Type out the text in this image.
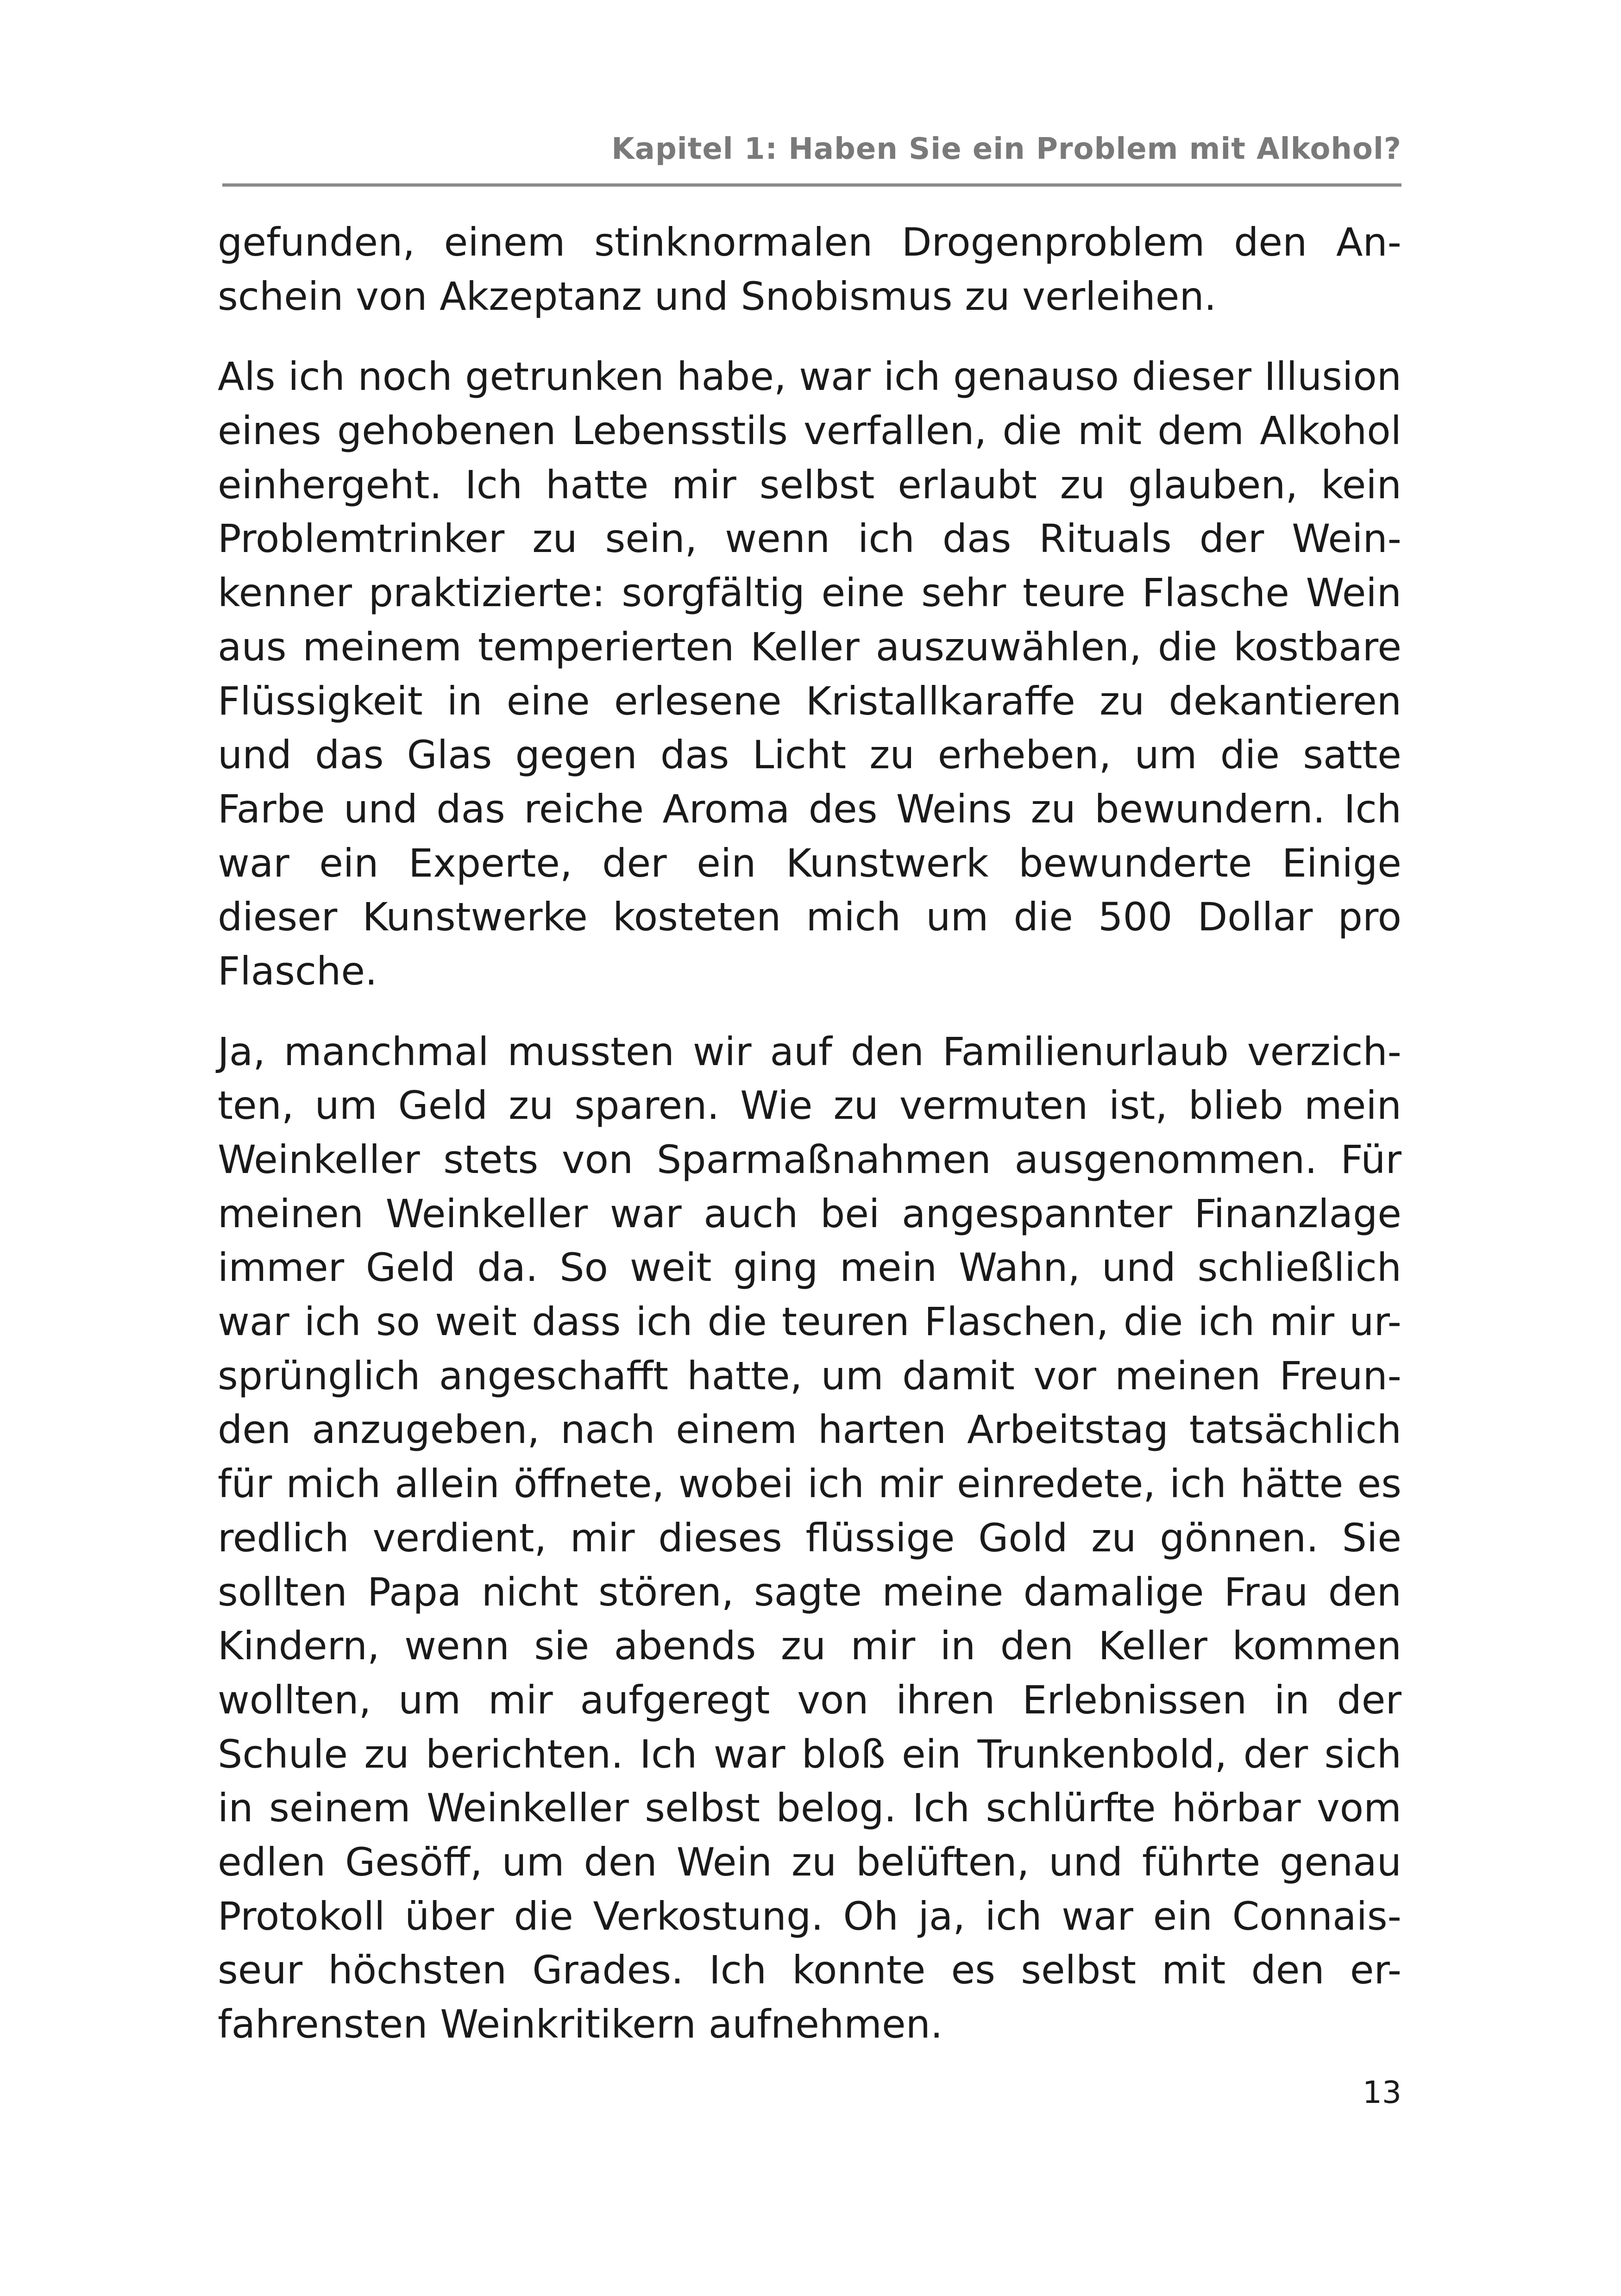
Kapitel 1: Haben Sie ein Problem mit Alkohol?
gefunden, einem stinknormalen Drogenproblem den An-
schein von Akzeptanz und Snobismus zu verleihen.
Als ich noch getrunken habe, war ich genauso dieser Illusion
eines gehobenen Lebensstils verfallen, die mit dem Alkohol
einhergeht. Ich hatte mir selbst erlaubt zu glauben, kein
Problemtrinker zu sein, wenn ich das Rituals der Wein-
kenner praktizierte: sorgfältig eine sehr teure Flasche Wein
aus meinem temperierten Keller auszuwählen, die kostbare
Flüssigkeit in eine erlesene Kristallkaraffe zu dekantieren
und das Glas gegen das Licht zu erheben, um die satte
Farbe und das reiche Aroma des Weins zu bewundern. Ich
war ein Experte, der ein Kunstwerk bewunderte Einige
dieser Kunstwerke kosteten mich um die 500 Dollar pro
Flasche.
Ja, manchmal mussten wir auf den Familienurlaub verzich-
ten, um Geld zu sparen. Wie zu vermuten ist, blieb mein
Weinkeller stets von Sparmaßnahmen ausgenommen. Für
meinen Weinkeller war auch bei angespannter Finanzlage
immer Geld da. So weit ging mein Wahn, und schließlich
war ich so weit dass ich die teuren Flaschen, die ich mir ur-
sprünglich angeschafft hatte, um damit vor meinen Freun-
den anzugeben, nach einem harten Arbeitstag tatsächlich
für mich allein öffnete, wobei ich mir einredete, ich hätte es
redlich verdient, mir dieses flüssige Gold zu gönnen. Sie
sollten Papa nicht stören, sagte meine damalige Frau den
Kindern, wenn sie abends zu mir in den Keller kommen
wollten, um mir aufgeregt von ihren Erlebnissen in der
Schule zu berichten. Ich war bloß ein Trunkenbold, der sich
in seinem Weinkeller selbst belog. Ich schlürfte hörbar vom
edlen Gesöff, um den Wein zu belüften, und führte genau
Protokoll über die Verkostung. Oh ja, ich war ein Connais-
seur höchsten Grades. Ich konnte es selbst mit den er-
fahrensten Weinkritikern aufnehmen.
13
